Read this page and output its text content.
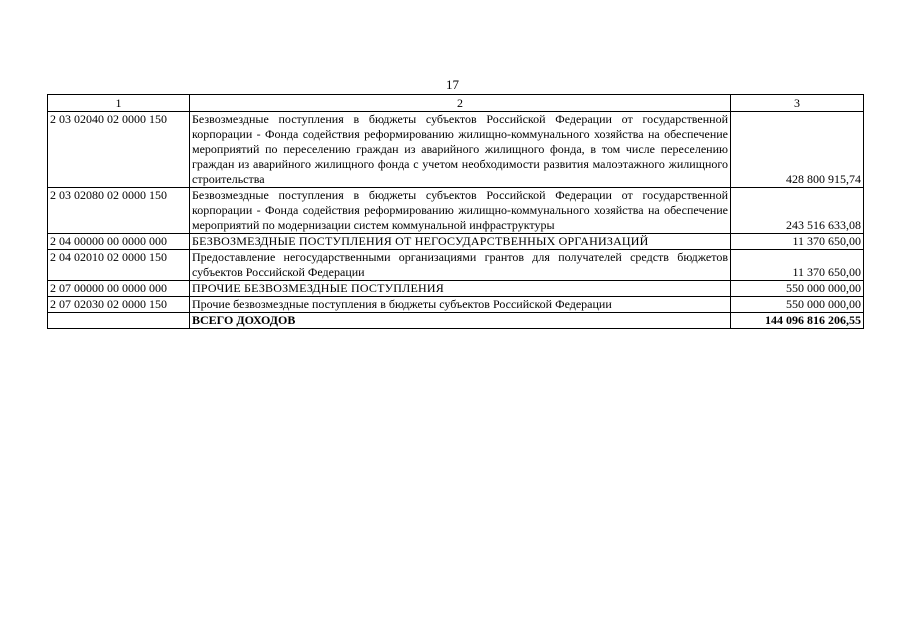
17
1	2	3
2 03 02040 02 0000 150	Безвозмездные поступления в бюджеты субъектов Российской Федерации от государственной корпорации - Фонда содействия реформированию жилищно-коммунального хозяйства на обеспечение мероприятий по переселению граждан из аварийного жилищного фонда, в том числе переселению граждан из аварийного жилищного фонда с учетом необходимости развития малоэтажного жилищного строительства	428 800 915,74
2 03 02080 02 0000 150	Безвозмездные поступления в бюджеты субъектов Российской Федерации от государственной корпорации - Фонда содействия реформированию жилищно-коммунального хозяйства на обеспечение мероприятий по модернизации систем коммунальной инфраструктуры	243 516 633,08
2 04 00000 00 0000 000	БЕЗВОЗМЕЗДНЫЕ ПОСТУПЛЕНИЯ ОТ НЕГОСУДАРСТВЕННЫХ ОРГАНИЗАЦИЙ	11 370 650,00
2 04 02010 02 0000 150	Предоставление негосударственными организациями грантов для получателей средств бюджетов субъектов Российской Федерации	11 370 650,00
2 07 00000 00 0000 000	ПРОЧИЕ БЕЗВОЗМЕЗДНЫЕ ПОСТУПЛЕНИЯ	550 000 000,00
2 07 02030 02 0000 150	Прочие безвозмездные поступления в бюджеты субъектов Российской Федерации	550 000 000,00
	ВСЕГО ДОХОДОВ	144 096 816 206,55
